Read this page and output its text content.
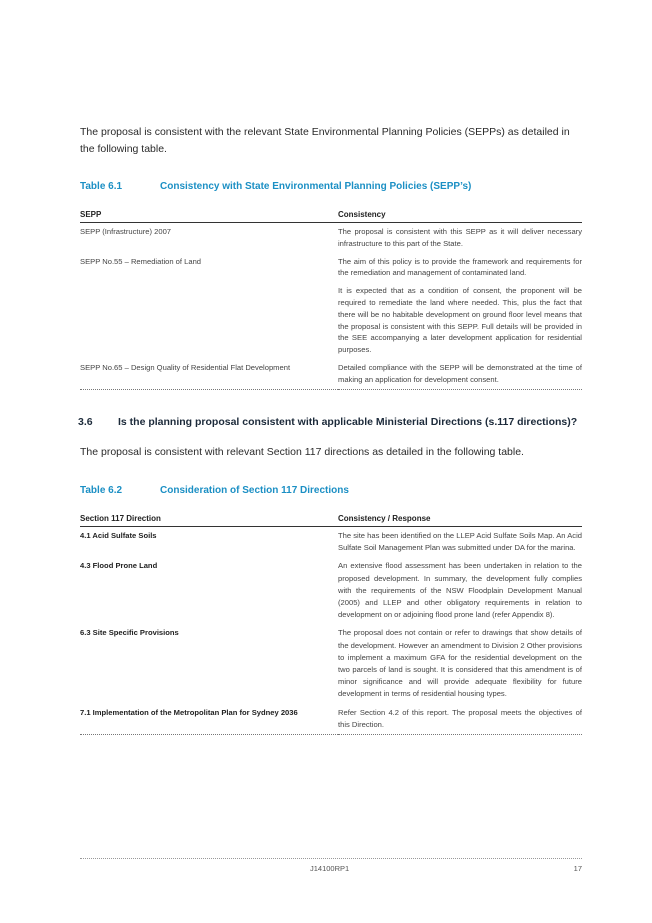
The proposal is consistent with the relevant State Environmental Planning Policies (SEPPs) as detailed in the following table.
Table 6.1	Consistency with State Environmental Planning Policies (SEPP’s)
SEPP	Consistency
SEPP (Infrastructure) 2007	The proposal is consistent with this SEPP as it will deliver necessary infrastructure to this part of the State.
SEPP No.55 – Remediation of Land	The aim of this policy is to provide the framework and requirements for the remediation and management of contaminated land.
	It is expected that as a condition of consent, the proponent will be required to remediate the land where needed. This, plus the fact that there will be no habitable development on ground floor level means that the proposal is consistent with this SEPP. Full details will be provided in the SEE accompanying a later development application for residential purposes.
SEPP No.65 – Design Quality of Residential Flat Development	Detailed compliance with the SEPP will be demonstrated at the time of making an application for development consent.
3.6 Is the planning proposal consistent with applicable Ministerial Directions (s.117 directions)?
The proposal is consistent with relevant Section 117 directions as detailed in the following table.
Table 6.2	Consideration of Section 117 Directions
Section 117 Direction	Consistency / Response
4.1 Acid Sulfate Soils	The site has been identified on the LLEP Acid Sulfate Soils Map. An Acid Sulfate Soil Management Plan was submitted under DA for the marina.
4.3 Flood Prone Land	An extensive flood assessment has been undertaken in relation to the proposed development. In summary, the development fully complies with the requirements of the NSW Floodplain Development Manual (2005) and LLEP and other obligatory requirements in relation to development on or adjoining flood prone land (refer Appendix 8).
6.3 Site Specific Provisions	The proposal does not contain or refer to drawings that show details of the development. However an amendment to Division 2 Other provisions to implement a maximum GFA for the residential development on the two parcels of land is sought. It is considered that this amendment is of minor significance and will provide adequate flexibility for future development in terms of residential housing types.
7.1 Implementation of the Metropolitan Plan for Sydney 2036	Refer Section 4.2 of this report. The proposal meets the objectives of this Direction.
J14100RP1	17
